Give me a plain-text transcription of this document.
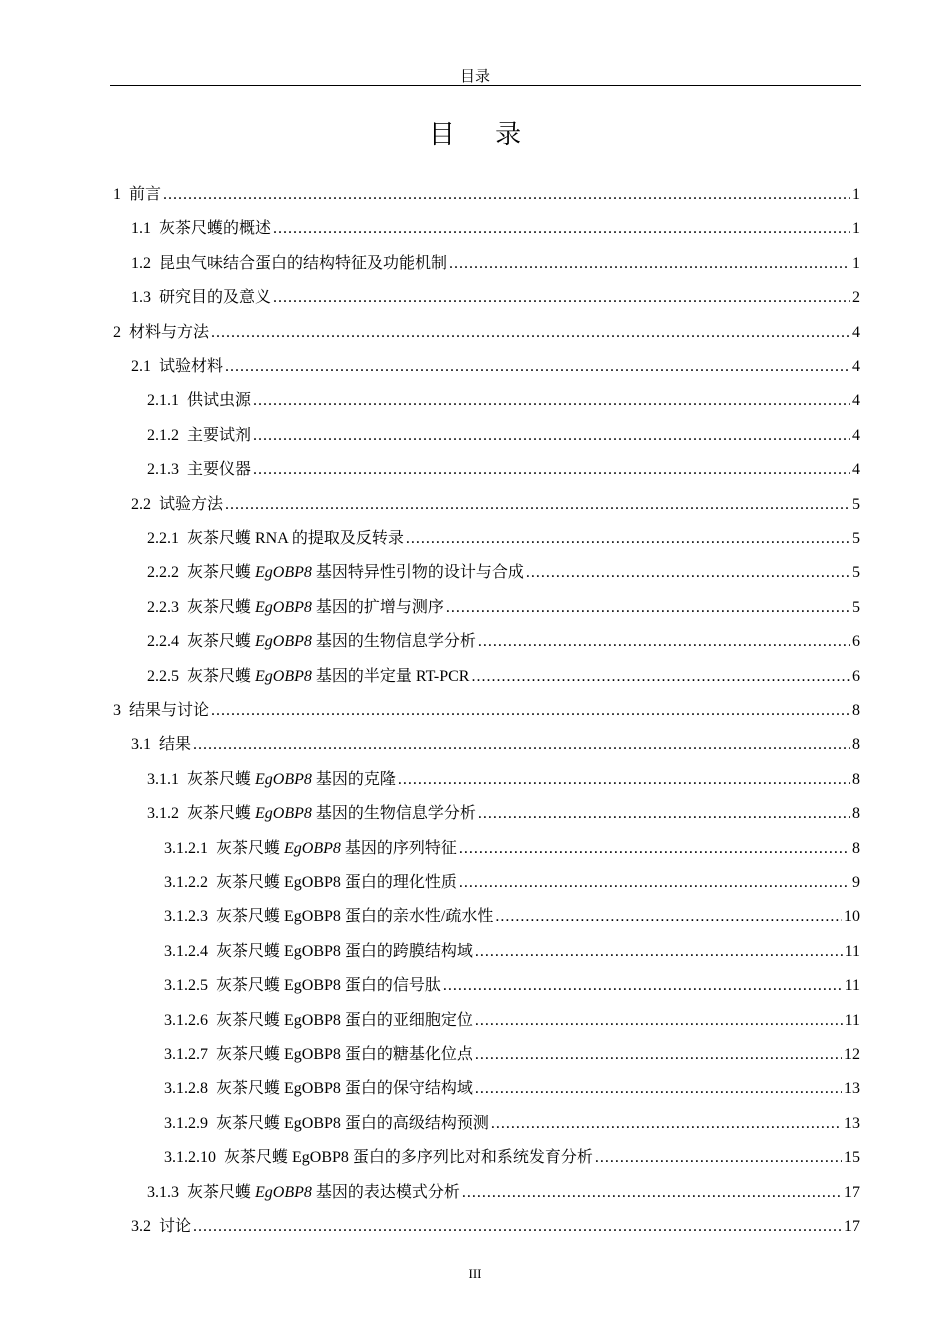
目录
目 录
1 前言 .....	1
1.1 灰茶尺蠖的概述 .....	1
1.2 昆虫气味结合蛋白的结构特征及功能机制 .....	1
1.3 研究目的及意义 .....	2
2 材料与方法 .....	4
2.1 试验材料 .....	4
2.1.1 供试虫源 .....	4
2.1.2 主要试剂 .....	4
2.1.3 主要仪器 .....	4
2.2 试验方法 .....	5
2.2.1 灰茶尺蠖 RNA 的提取及反转录 .....	5
2.2.2 灰茶尺蠖 EgOBP8 基因特异性引物的设计与合成 .....	5
2.2.3 灰茶尺蠖 EgOBP8 基因的扩增与测序 .....	5
2.2.4 灰茶尺蠖 EgOBP8 基因的生物信息学分析 .....	6
2.2.5 灰茶尺蠖 EgOBP8 基因的半定量 RT-PCR .....	6
3 结果与讨论 .....	8
3.1 结果 .....	8
3.1.1 灰茶尺蠖 EgOBP8 基因的克隆 .....	8
3.1.2 灰茶尺蠖 EgOBP8 基因的生物信息学分析 .....	8
3.1.2.1 灰茶尺蠖 EgOBP8 基因的序列特征 .....	8
3.1.2.2 灰茶尺蠖 EgOBP8 蛋白的理化性质 .....	9
3.1.2.3 灰茶尺蠖 EgOBP8 蛋白的亲水性/疏水性 .....	10
3.1.2.4 灰茶尺蠖 EgOBP8 蛋白的跨膜结构域 .....	11
3.1.2.5 灰茶尺蠖 EgOBP8 蛋白的信号肽 .....	11
3.1.2.6 灰茶尺蠖 EgOBP8 蛋白的亚细胞定位 .....	11
3.1.2.7 灰茶尺蠖 EgOBP8 蛋白的糖基化位点 .....	12
3.1.2.8 灰茶尺蠖 EgOBP8 蛋白的保守结构域 .....	13
3.1.2.9 灰茶尺蠖 EgOBP8 蛋白的高级结构预测 .....	13
3.1.2.10 灰茶尺蠖 EgOBP8 蛋白的多序列比对和系统发育分析 .....	15
3.1.3 灰茶尺蠖 EgOBP8 基因的表达模式分析 .....	17
3.2 讨论 .....	17
III
